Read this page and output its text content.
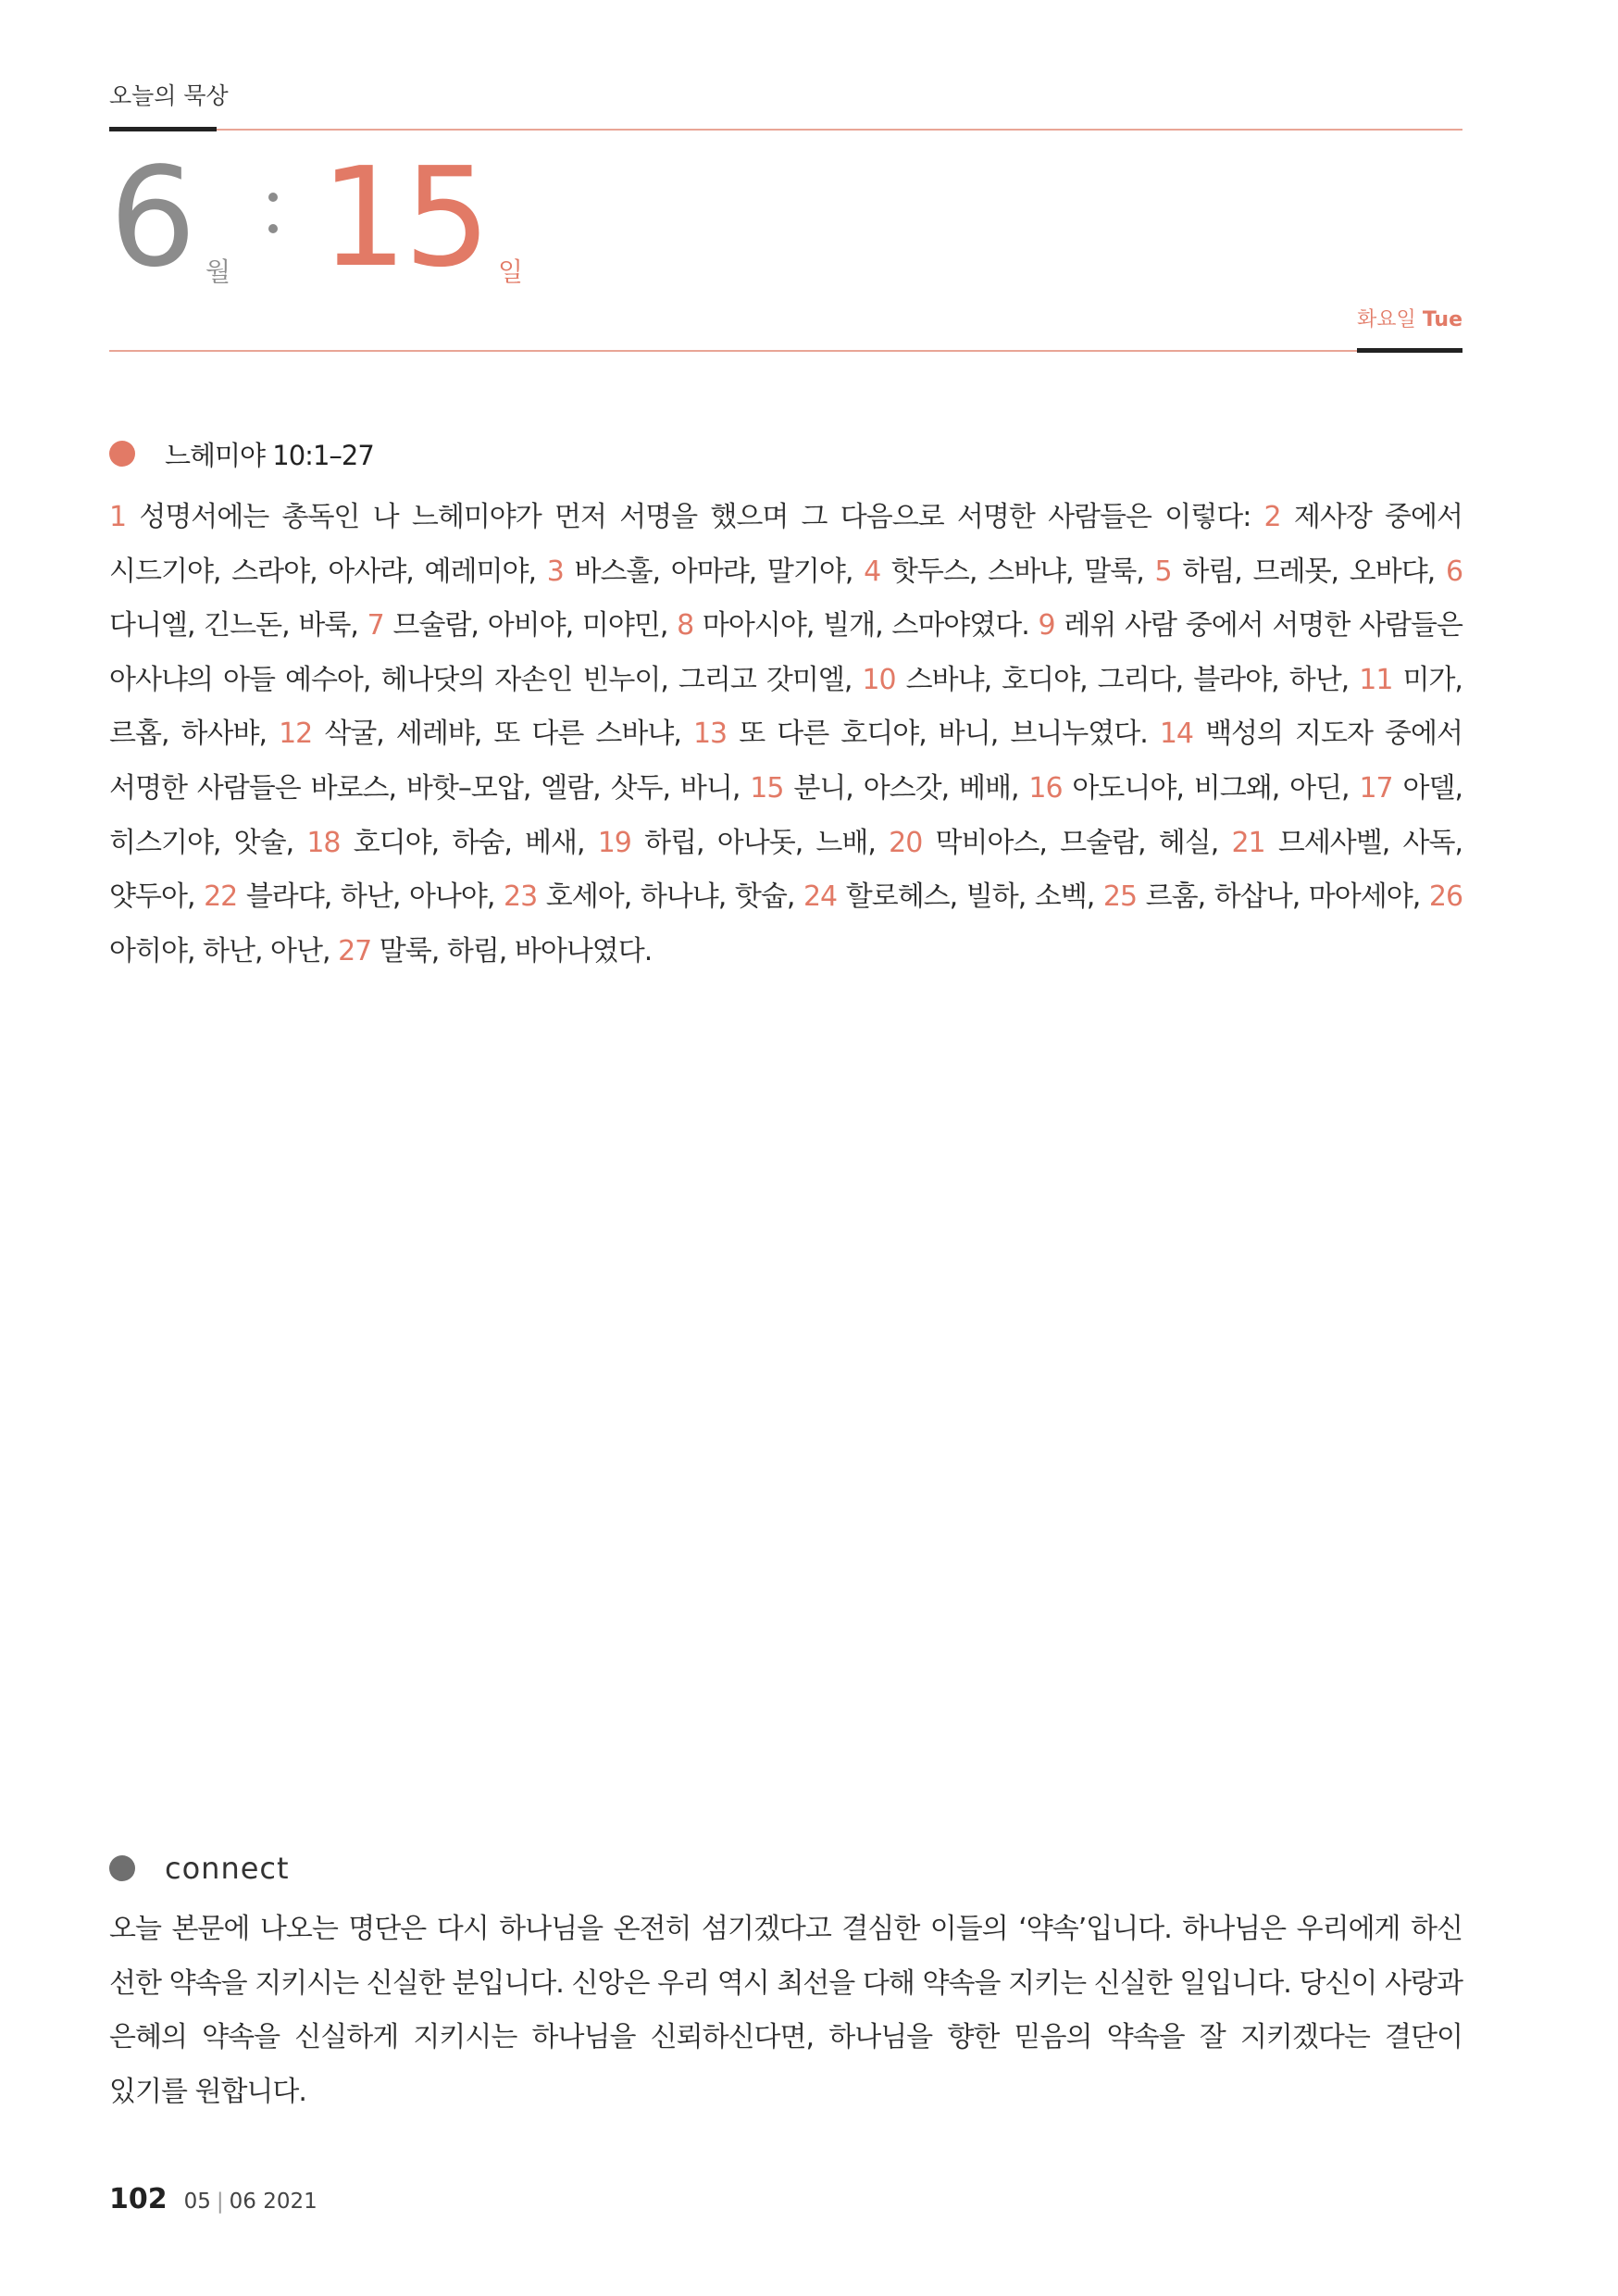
오늘의 묵상
6 월 15 일
화요일 Tue
느헤미야 10:1–27
1 성명서에는 총독인 나 느헤미야가 먼저 서명을 했으며 그 다음으로 서명한 사람들은 이렇다: 2 제사장 중에서 시드기야, 스라야, 아사랴, 예레미야, 3 바스훌, 아마랴, 말기야, 4 핫두스, 스바냐, 말룩, 5 하림, 므레못, 오바댜, 6 다니엘, 긴느돈, 바룩, 7 므술람, 아비야, 미야민, 8 마아시야, 빌개, 스마야였다. 9 레위 사람 중에서 서명한 사람들은 아사냐의 아들 예수아, 헤나닷의 자손인 빈누이, 그리고 갓미엘, 10 스바냐, 호디야, 그리다, 블라야, 하난, 11 미가, 르홉, 하사뱌, 12 삭굴, 세레뱌, 또 다른 스바냐, 13 또 다른 호디야, 바니, 브니누였다. 14 백성의 지도자 중에서 서명한 사람들은 바로스, 바핫–모압, 엘람, 삿두, 바니, 15 분니, 아스갓, 베배, 16 아도니야, 비그왜, 아딘, 17 아델, 히스기야, 앗술, 18 호디야, 하숨, 베새, 19 하립, 아나돗, 느배, 20 막비아스, 므술람, 헤실, 21 므세사벨, 사독, 얏두아, 22 블라댜, 하난, 아나야, 23 호세아, 하나냐, 핫숩, 24 할로헤스, 빌하, 소벡, 25 르훔, 하삽나, 마아세야, 26 아히야, 하난, 아난, 27 말룩, 하림, 바아나였다.
connect
오늘 본문에 나오는 명단은 다시 하나님을 온전히 섬기겠다고 결심한 이들의 ‘약속’입니다. 하나님은 우리에게 하신 선한 약속을 지키시는 신실한 분입니다. 신앙은 우리 역시 최선을 다해 약속을 지키는 신실한 일입니다. 당신이 사랑과 은혜의 약속을 신실하게 지키시는 하나님을 신뢰하신다면, 하나님을 향한 믿음의 약속을 잘 지키겠다는 결단이 있기를 원합니다.
102 05 | 06 2021
